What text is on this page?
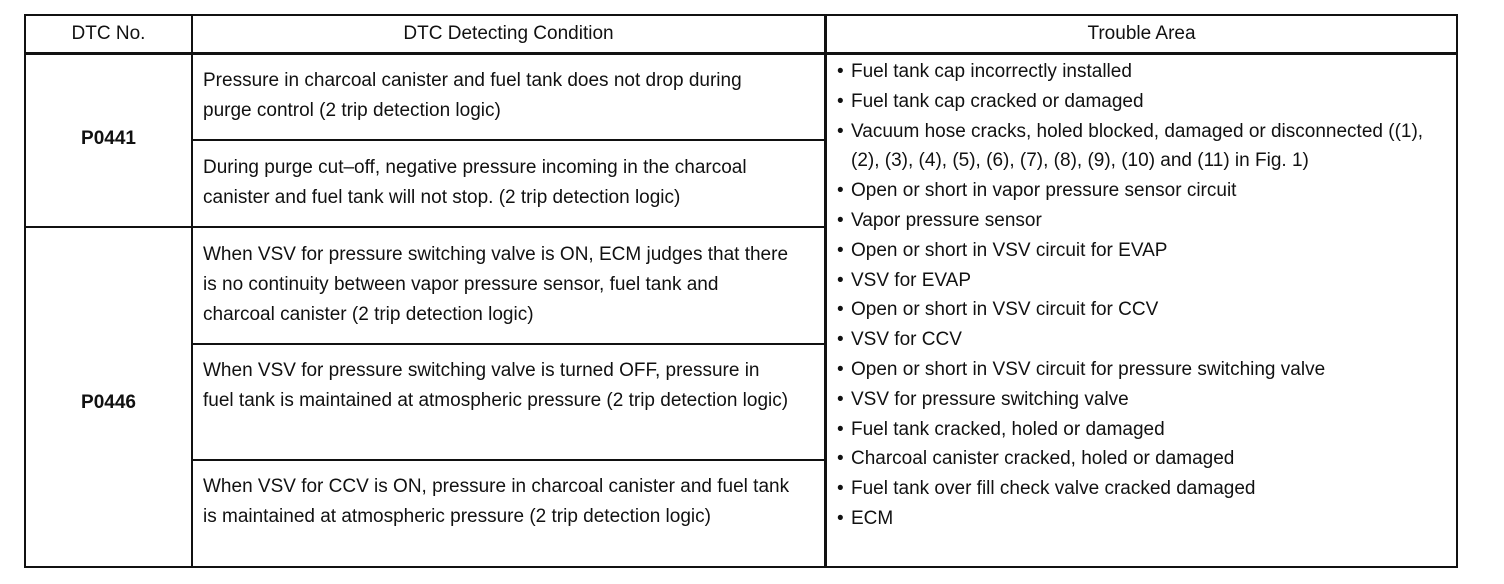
DTC No.	DTC Detecting Condition	Trouble Area
P0441
P0446
Pressure in charcoal canister and fuel tank does not drop during purge control (2 trip detection logic)
During purge cut–off, negative pressure incoming in the charcoal canister and fuel tank will not stop. (2 trip detection logic)
When VSV for pressure switching valve is ON, ECM judges that there is no continuity between vapor pressure sensor, fuel tank and charcoal canister (2 trip detection logic)
When VSV for pressure switching valve is turned OFF, pressure in fuel tank is maintained at atmospheric pressure (2 trip detection logic)
When VSV for CCV is ON, pressure in charcoal canister and fuel tank is maintained at atmospheric pressure (2 trip detection logic)
• Fuel tank cap incorrectly installed
• Fuel tank cap cracked or damaged
• Vacuum hose cracks, holed blocked, damaged or disconnected ((1), (2), (3), (4), (5), (6), (7), (8), (9), (10) and (11) in Fig. 1)
• Open or short in vapor pressure sensor circuit
• Vapor pressure sensor
• Open or short in VSV circuit for EVAP
• VSV for EVAP
• Open or short in VSV circuit for CCV
• VSV for CCV
• Open or short in VSV circuit for pressure switching valve
• VSV for pressure switching valve
• Fuel tank cracked, holed or damaged
• Charcoal canister cracked, holed or damaged
• Fuel tank over fill check valve cracked damaged
• ECM
